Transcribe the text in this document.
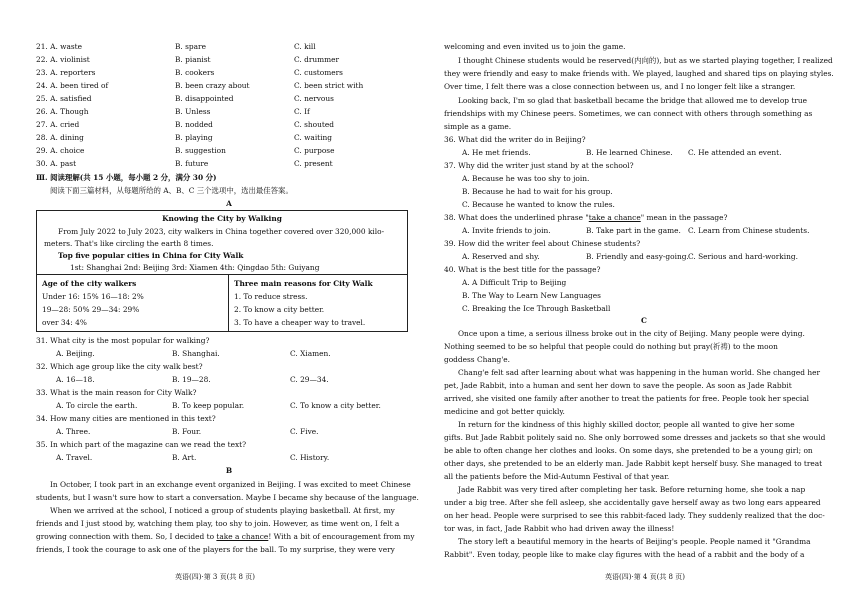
21. A. waste	B. spare	C. kill
22. A. violinist	B. pianist	C. drummer
23. A. reporters	B. cookers	C. customers
24. A. been tired of	B. been crazy about	C. been strict with
25. A. satisfied	B. disappointed	C. nervous
26. A. Though	B. Unless	C. If
27. A. cried	B. nodded	C. shouted
28. A. dining	B. playing	C. waiting
29. A. choice	B. suggestion	C. purpose
30. A. past	B. future	C. present
Ⅲ. 阅读理解(共 15 小题，每小题 2 分，满分 30 分)
阅读下面三篇材料，从每题所给的 A、B、C 三个选项中，选出最佳答案。
A
Knowing the City by Walking
From July 2022 to July 2023, city walkers in China together covered over 320,000 kilo-
meters. That's like circling the earth 8 times.
Top five popular cities in China for City Walk
1st: Shanghai 2nd: Beijing 3rd: Xiamen 4th: Qingdao 5th: Guiyang
Age of the city walkers
Under 16: 15% 16—18: 2%
19—28: 50% 29—34: 29%
over 34: 4%
Three main reasons for City Walk
1. To reduce stress.
2. To know a city better.
3. To have a cheaper way to travel.
31. What city is the most popular for walking?
A. Beijing.	B. Shanghai.	C. Xiamen.
32. Which age group like the city walk best?
A. 16—18.	B. 19—28.	C. 29—34.
33. What is the main reason for City Walk?
A. To circle the earth.	B. To keep popular.	C. To know a city better.
34. How many cities are mentioned in this text?
A. Three.	B. Four.	C. Five.
35. In which part of the magazine can we read the text?
A. Travel.	B. Art.	C. History.
B
In October, I took part in an exchange event organized in Beijing. I was excited to meet Chinese
students, but I wasn't sure how to start a conversation. Maybe I became shy because of the language.
When we arrived at the school, I noticed a group of students playing basketball. At first, my
friends and I just stood by, watching them play, too shy to join. However, as time went on, I felt a
growing connection with them. So, I decided to take a chance! With a bit of encouragement from my
friends, I took the courage to ask one of the players for the ball. To my surprise, they were very
英语(四)·第 3 页(共 8 页)
welcoming and even invited us to join the game.
I thought Chinese students would be reserved(内向的), but as we started playing together, I realized
they were friendly and easy to make friends with. We played, laughed and shared tips on playing styles.
Over time, I felt there was a close connection between us, and I no longer felt like a stranger.
Looking back, I'm so glad that basketball became the bridge that allowed me to develop true
friendships with my Chinese peers. Sometimes, we can connect with others through something as
simple as a game.
36. What did the writer do in Beijing?
A. He met friends.	B. He learned Chinese. C. He attended an event.
37. Why did the writer just stand by at the school?
A. Because he was too shy to join.
B. Because he had to wait for his group.
C. Because he wanted to know the rules.
38. What does the underlined phrase "take a chance" mean in the passage?
A. Invite friends to join.	B. Take part in the game. C. Learn from Chinese students.
39. How did the writer feel about Chinese students?
A. Reserved and shy.	B. Friendly and easy-going. C. Serious and hard-working.
40. What is the best title for the passage?
A. A Difficult Trip to Beijing
B. The Way to Learn New Languages
C. Breaking the Ice Through Basketball
C
Once upon a time, a serious illness broke out in the city of Beijing. Many people were dying.
Nothing seemed to be so helpful that people could do nothing but pray(祈祷) to the moon
goddess Chang'e.
Chang'e felt sad after learning about what was happening in the human world. She changed her
pet, Jade Rabbit, into a human and sent her down to save the people. As soon as Jade Rabbit
arrived, she visited one family after another to treat the patients for free. People took her special
medicine and got better quickly.
In return for the kindness of this highly skilled doctor, people all wanted to give her some
gifts. But Jade Rabbit politely said no. She only borrowed some dresses and jackets so that she would
be able to often change her clothes and looks. On some days, she pretended to be a young girl; on
other days, she pretended to be an elderly man. Jade Rabbit kept herself busy. She managed to treat
all the patients before the Mid-Autumn Festival of that year.
Jade Rabbit was very tired after completing her task. Before returning home, she took a nap
under a big tree. After she fell asleep, she accidentally gave herself away as two long ears appeared
on her head. People were surprised to see this rabbit-faced lady. They suddenly realized that the doc-
tor was, in fact, Jade Rabbit who had driven away the illness!
The story left a beautiful memory in the hearts of Beijing's people. People named it "Grandma
Rabbit". Even today, people like to make clay figures with the head of a rabbit and the body of a
英语(四)·第 4 页(共 8 页)
